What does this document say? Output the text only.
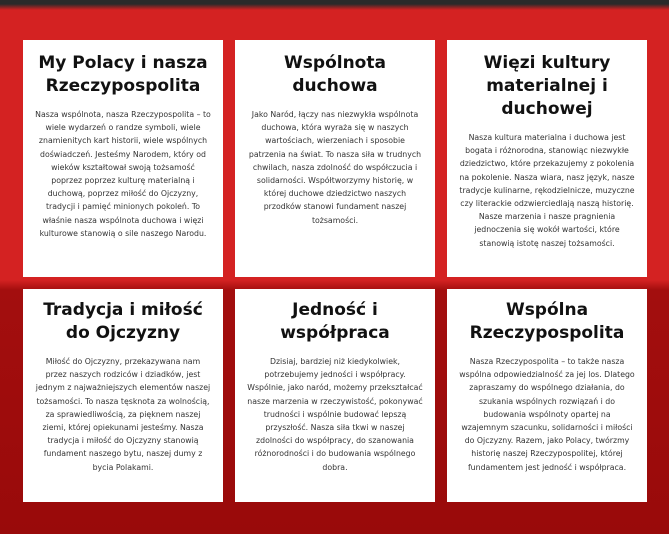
My Polacy i nasza Rzeczypospolita

Nasza wspólnota, nasza Rzeczypospolita – to wiele wydarzeń o randze symboli, wiele znamienitych kart historii, wiele wspólnych doświadczeń. Jesteśmy Narodem, który od wieków kształtował swoją tożsamość poprzez poprzez kulturę materialną i duchową, poprzez miłość do Ojczyzny, tradycji i pamięć minionych pokoleń. To właśnie nasza wspólnota duchowa i więzi kulturowe stanowią o sile naszego Narodu.

Wspólnota duchowa

Jako Naród, łączy nas niezwykła wspólnota duchowa, która wyraża się w naszych wartościach, wierzeniach i sposobie patrzenia na świat. To nasza siła w trudnych chwilach, nasza zdolność do współczucia i solidarności. Współtworzymy historię, w której duchowe dziedzictwo naszych przodków stanowi fundament naszej tożsamości.

Więzi kultury materialnej i duchowej

Nasza kultura materialna i duchowa jest bogata i różnorodna, stanowiąc niezwykłe dziedzictwo, które przekazujemy z pokolenia na pokolenie. Nasza wiara, nasz język, nasze tradycje kulinarne, rękodzielnicze, muzyczne czy literackie odzwierciedlają naszą historię. Nasze marzenia i nasze pragnienia jednoczenia się wokół wartości, które stanowią istotę naszej tożsamości.

Tradycja i miłość do Ojczyzny

Miłość do Ojczyzny, przekazywana nam przez naszych rodziców i dziadków, jest jednym z najważniejszych elementów naszej tożsamości. To nasza tęsknota za wolnością, za sprawiedliwością, za pięknem naszej ziemi, której opiekunami jesteśmy. Nasza tradycja i miłość do Ojczyzny stanowią fundament naszego bytu, naszej dumy z bycia Polakami.

Jedność i współpraca

Dzisiaj, bardziej niż kiedykolwiek, potrzebujemy jedności i współpracy. Wspólnie, jako naród, możemy przekształcać nasze marzenia w rzeczywistość, pokonywać trudności i wspólnie budować lepszą przyszłość. Nasza siła tkwi w naszej zdolności do współpracy, do szanowania różnorodności i do budowania wspólnego dobra.

Wspólna Rzeczypospolita

Nasza Rzeczypospolita – to także nasza wspólna odpowiedzialność za jej los. Dlatego zapraszamy do wspólnego działania, do szukania wspólnych rozwiązań i do budowania wspólnoty opartej na wzajemnym szacunku, solidarności i miłości do Ojczyzny. Razem, jako Polacy, twórzmy historię naszej Rzeczypospolitej, której fundamentem jest jedność i współpraca.
